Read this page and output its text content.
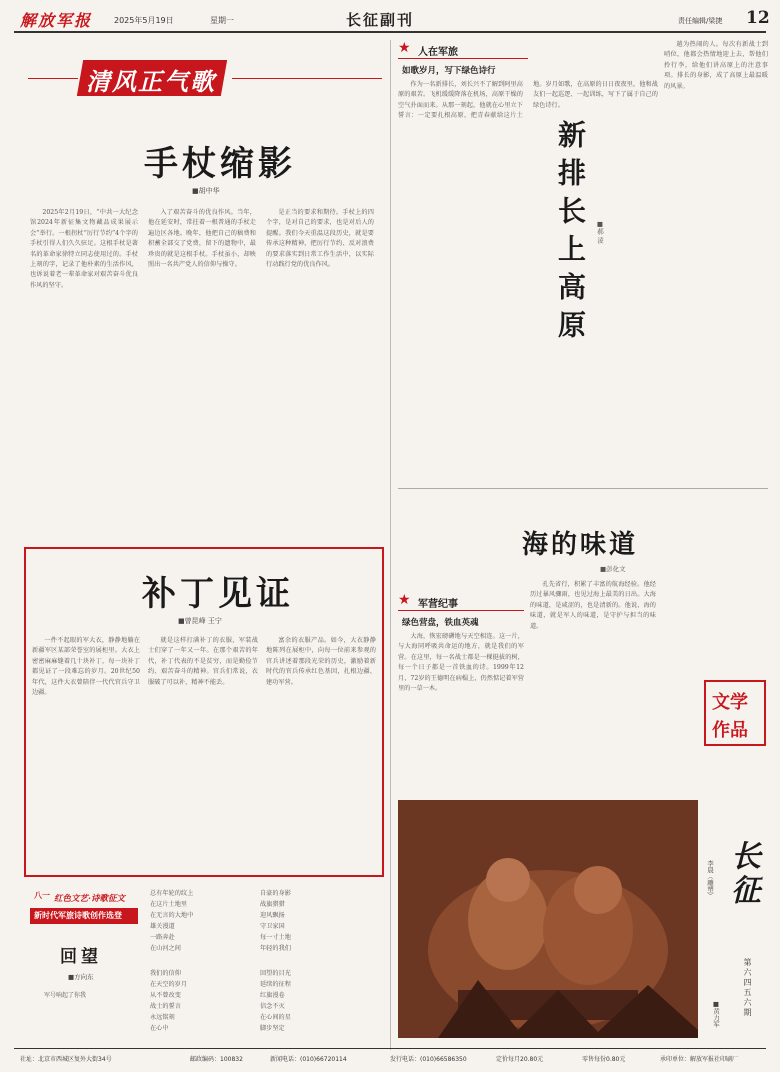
解放军报	2025年5月19日	星期一	长征副刊	责任编辑/梁捷 12
清风正气歌
手杖缩影
■胡中华

2025年2月19日，“中共一大纪念馆2024年新征集文物藏品成果展示会”举行。一根拐杖“厉行节约”4个字的手杖引得人们久久驻足。这根手杖是著名的革命家徐特立同志使用过的。手杖上刻的字，记录了他朴素的生活作风，也诉说着老一辈革命家对艰苦奋斗优良作风的坚守。

入了艰苦奋斗的优良作风。当年，他在延安时，常拄着一根普通的手杖走遍边区各地。晚年，他把自己的稿费和积蓄全部交了党费，留下的遗物中，最珍贵的就是这根手杖。手杖虽小，却映照出一名共产党人的信仰与操守。

是正当的要求和期待。手杖上的四个字，是对自己的要求，也是对后人的提醒。我们今天重温这段历史，就是要传承这种精神，把厉行节约、反对浪费的要求落实到日常工作生活中，以实际行动践行党的优良作风。

补丁见证
■曾昆峰 王宁

一件不起眼的军大衣，静静地躺在新疆军区某部荣誉室的展柜里。大衣上密密麻麻缝着几十块补丁，每一块补丁都见证了一段难忘的岁月。20世纪50年代，这件大衣曾陪伴一代代官兵守卫边疆。

就是这样打满补丁的衣服，军装战士们穿了一年又一年。在那个艰苦的年代，补丁代表的不是贫穷，而是勤俭节约、艰苦奋斗的精神。官兵们常说，衣服破了可以补，精神不能丢。

富余的衣服产品。如今，大衣静静地陈列在展柜中，向每一位前来参观的官兵讲述着那段光荣的历史，激励着新时代的官兵传承红色基因，扎根边疆、建功军营。

八一 红色文艺·诗歌征文
新时代军旅诗歌创作选登
回望
■方向东
军号响起了你我
总有年轮的纹上
在这片土地里
在无言的大地中
雄关漫道
一路奔赴
在山河之间
我们的信仰
在天空的岁月
从不曾改变
战士的誓言
永远铭刻
在心中
自豪的身影
战旗猎猎
迎风飘扬
守卫家国
每一寸土地
年轻的我们
回望的目光
延续的征程
红旗漫卷
信念不灭
在心间的星
脚步坚定
★ 人在军旅
如歌岁月，写下绿色诗行

作为一名新排长，刘长兴不了解到阿里高原的艰苦。飞机缓缓降落在机场，高原干燥的空气扑面而来。从那一刻起，他就在心里立下誓言：一定要扎根高原，把青春献给这片土地。岁月如歌，在高原的日日夜夜里，他和战友们一起巡逻、一起训练，写下了属于自己的绿色诗行。

新排长上高原	■郝 淩

越为热闹的人。每次有新战士到哨位，他都会热情地迎上去，帮他们拎行李，给他们讲高原上的注意事项。排长的身影，成了高原上最温暖的风景。

海的味道
■彭化文

孔先省行，积累了丰富的航海经验。他经历过暴风骤雨，也见过海上最美的日出。大海的味道，是咸涩的，也是清新的。他说，海的味道，就是军人的味道，是守护与担当的味道。

文学
作品
★ 军营纪事
绿色营盘，铁血英魂

大海，恢宏磅礴地与天空相连。这一片，与大海同呼吸共命运的地方，就是我们的军营。在这里，每一名战士都是一棵挺拔的树，每一个日子都是一首铁血的诗。1999年12月，72岁的王德明在病榻上，仍然惦记着军营里的一草一木。

长征
第六四五六期
李晨（雕塑）
■黄力军
社址：北京市西城区复外大街34号	邮政编码：100832	新闻电话：(010)66720114	发行电话：(010)66586350	定价每月20.80元	零售每份0.80元	承印单位：解放军报社印刷厂
